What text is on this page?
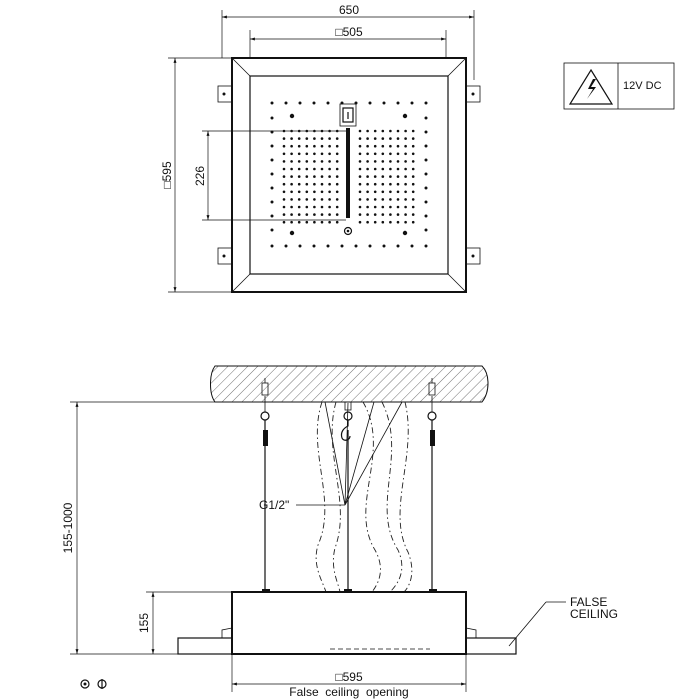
650
□505
□595 226
12V DC
155-1000
155
G1/2"
FALSE
CEILING
□595
False  ceiling  opening
